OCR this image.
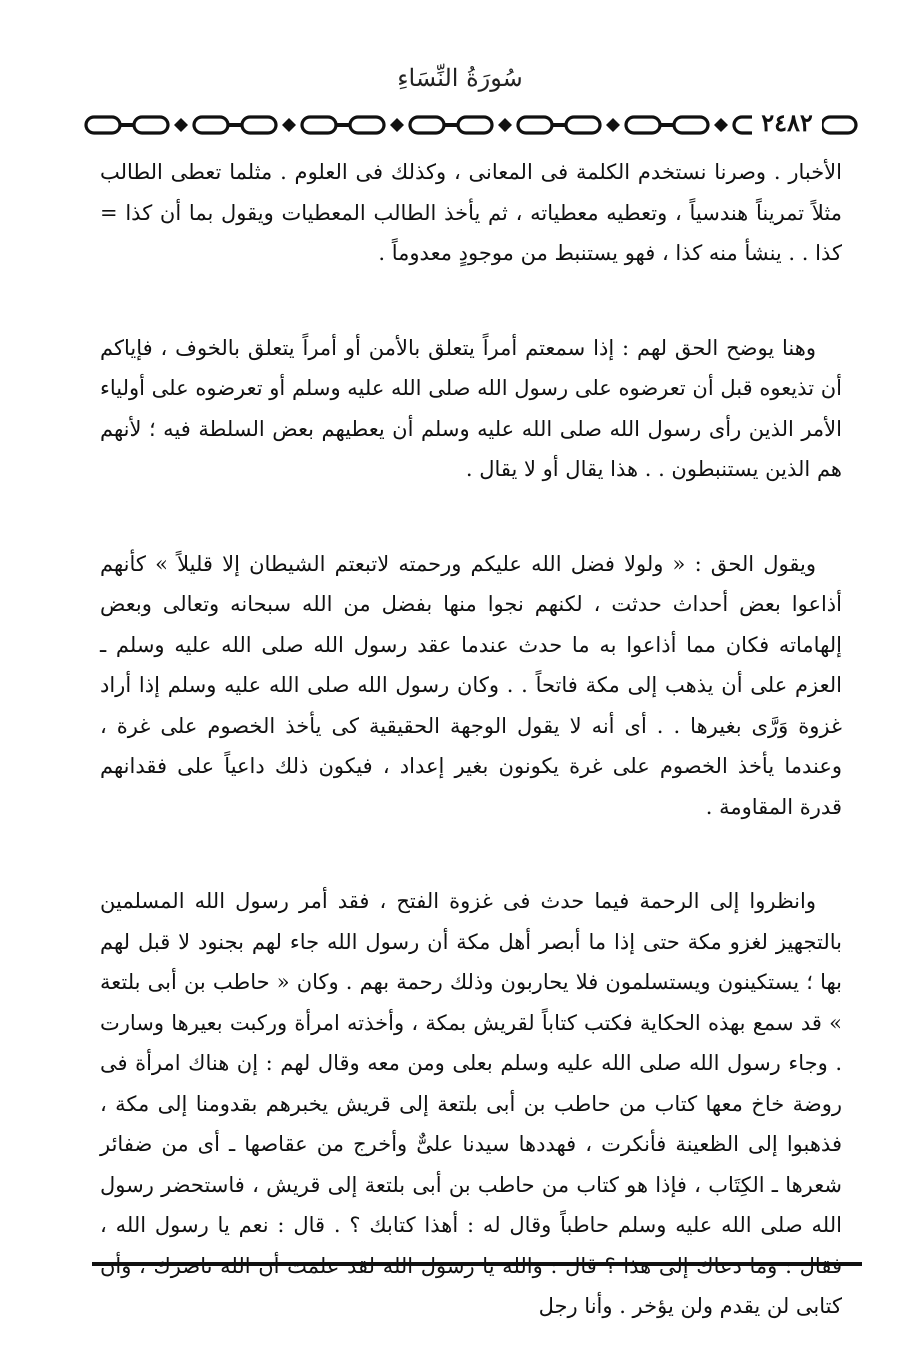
سُورَةُ النِّسَاءِ
٢٤٨٢

الأخبار . وصرنا نستخدم الكلمة فى المعانى ، وكذلك فى العلوم . مثلما تعطى الطالب مثلاً تمريناً هندسياً ، وتعطيه معطياته ، ثم يأخذ الطالب المعطيات ويقول بما أن كذا = كذا . . ينشأ منه كذا ، فهو يستنبط من موجودٍ معدوماً .

وهنا يوضح الحق لهم : إذا سمعتم أمراً يتعلق بالأمن أو أمراً يتعلق بالخوف ، فإياكم أن تذيعوه قبل أن تعرضوه على رسول الله صلى الله عليه وسلم أو تعرضوه على أولياء الأمر الذين رأى رسول الله صلى الله عليه وسلم أن يعطيهم بعض السلطة فيه ؛ لأنهم هم الذين يستنبطون . . هذا يقال أو لا يقال .

ويقول الحق : « ولولا فضل الله عليكم ورحمته لاتبعتم الشيطان إلا قليلاً » كأنهم أذاعوا بعض أحداث حدثت ، لكنهم نجوا منها بفضل من الله سبحانه وتعالى وبعض إلهاماته فكان مما أذاعوا به ما حدث عندما عقد رسول الله صلى الله عليه وسلم ـ العزم على أن يذهب إلى مكة فاتحاً . . وكان رسول الله صلى الله عليه وسلم إذا أراد غزوة وَرَّى بغيرها . . أى أنه لا يقول الوجهة الحقيقية كى يأخذ الخصوم على غرة ، وعندما يأخذ الخصوم على غرة يكونون بغير إعداد ، فيكون ذلك داعياً على فقدانهم قدرة المقاومة .

وانظروا إلى الرحمة فيما حدث فى غزوة الفتح ، فقد أمر رسول الله المسلمين بالتجهيز لغزو مكة حتى إذا ما أبصر أهل مكة أن رسول الله جاء لهم بجنود لا قبل لهم بها ؛ يستكينون ويستسلمون فلا يحاربون وذلك رحمة بهم . وكان « حاطب بن أبى بلتعة » قد سمع بهذه الحكاية فكتب كتاباً لقريش بمكة ، وأخذته امرأة وركبت بعيرها وسارت . وجاء رسول الله صلى الله عليه وسلم بعلى ومن معه وقال لهم : إن هناك امرأة فى روضة خاخ معها كتاب من حاطب بن أبى بلتعة إلى قريش يخبرهم بقدومنا إلى مكة ، فذهبوا إلى الظعينة فأنكرت ، فهددها سيدنا علىٌّ وأخرج من عقاصها ـ أى من ضفائر شعرها ـ الكِتَاب ، فإذا هو كتاب من حاطب بن أبى بلتعة إلى قريش ، فاستحضر رسول الله صلى الله عليه وسلم حاطباً وقال له : أهذا كتابك ؟ . قال : نعم يا رسول الله ، كتابى لن يقدم ولن يؤخر . وأنا رجل
